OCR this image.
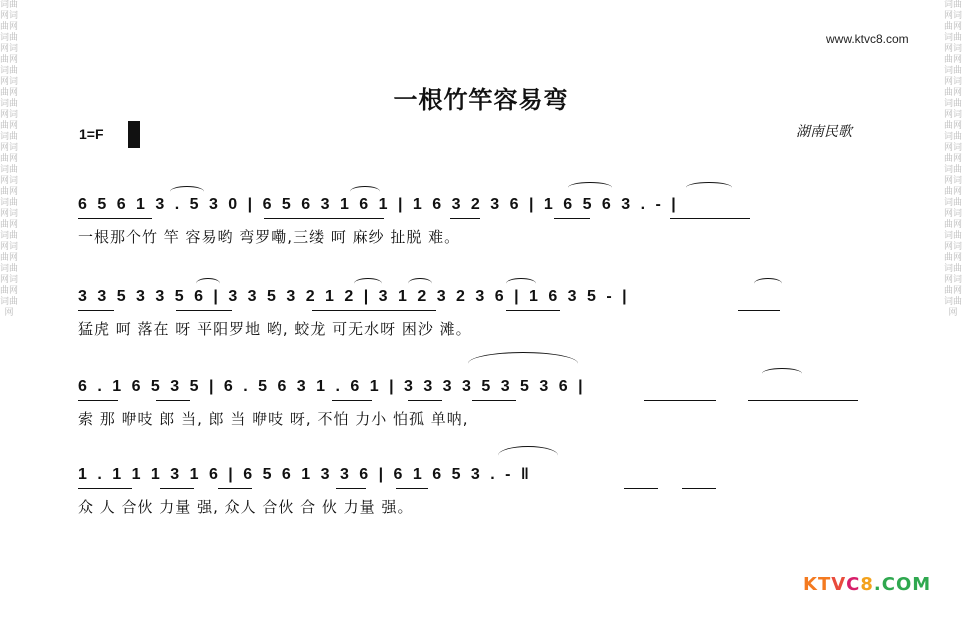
词曲网词曲网词曲网词曲网词曲网词曲网词曲网词曲网词曲网词曲网词曲网词曲网词曲网词曲网词曲网词曲网词曲网词曲网词曲网
词曲网词曲网词曲网词曲网词曲网词曲网词曲网词曲网词曲网词曲网词曲网词曲网词曲网词曲网词曲网词曲网词曲网词曲网词曲网
www.ktvc8.com
一根竹竿容易弯
1=F	湖南民歌
6 5 6 1 3 . 5 3 0 | 6 5 6 3 1 6 1 | 1 6 3 2 3 6 | 1 6 5 6 3 . - |
一根那个竹 竿 容易哟 弯罗嘞,三缕 呵 麻纱 扯脱 难。
3 3 5 3 3 5 6 | 3 3 5 3 2 1 2 | 3 1 2 3 2 3 6 | 1 6 3 5 - |
猛虎 呵 落在 呀 平阳罗地 哟, 蛟龙 可无水呀 困沙 滩。
6 . 1 6 5 3 5 | 6 . 5 6 3 1 . 6 1 | 3 3 3 3 5 3 5 3 6 |
索 那 咿吱 郎 当, 郎 当 咿吱 呀, 不怕 力小 怕孤 单呐,
1 . 1 1 1 3 1 6 | 6 5 6 1 3 3 6 | 6 1 6 5 3 . - ‖
众 人 合伙 力量 强, 众人 合伙 合 伙 力量 强。
KTVC8.COM
